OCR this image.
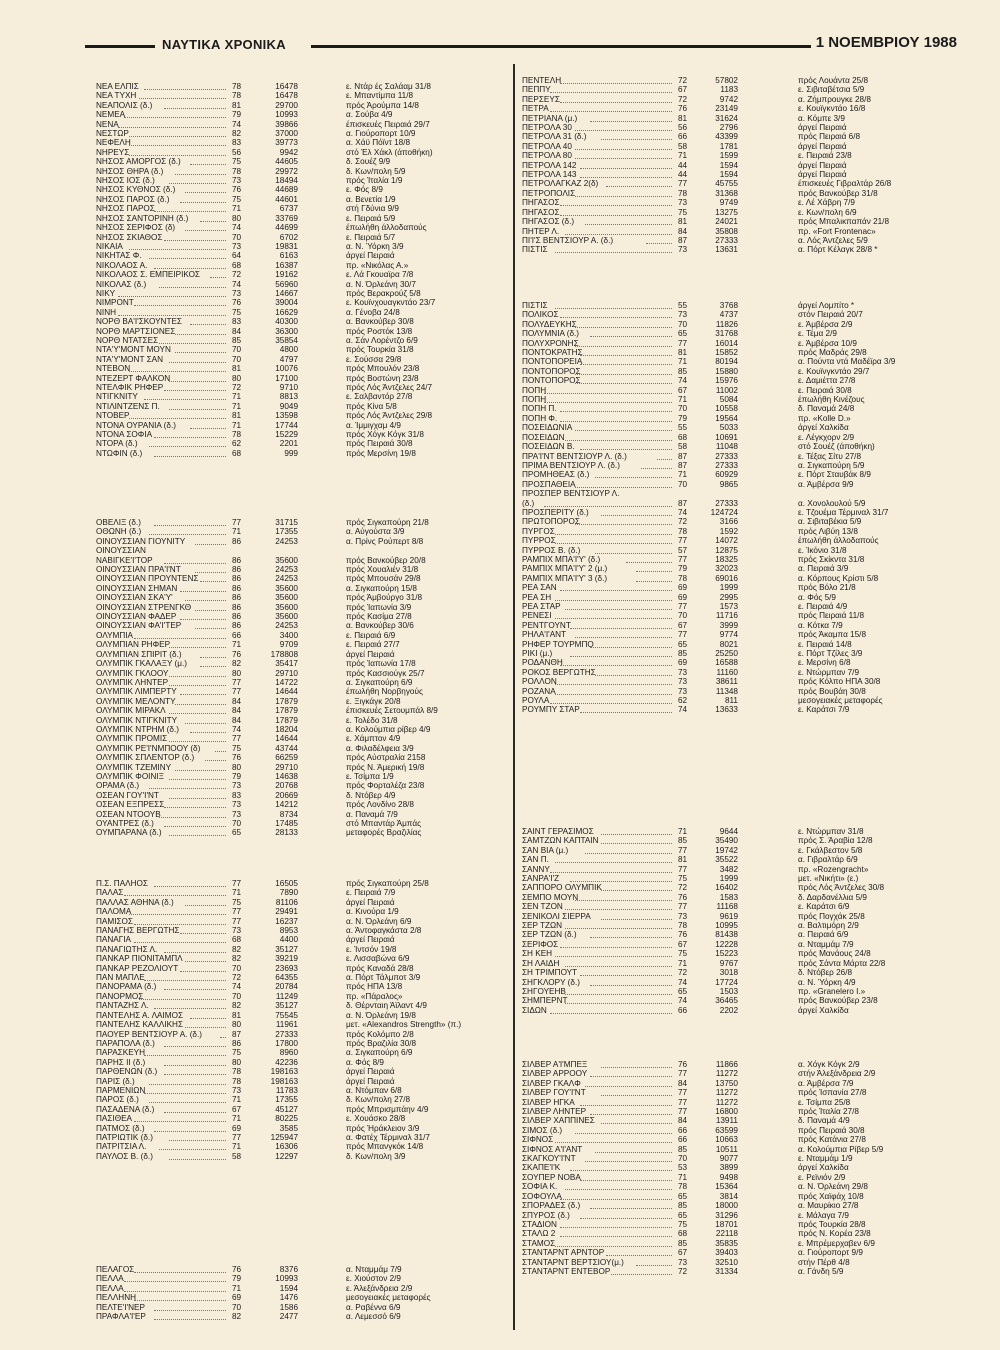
ΝΑΥΤΙΚΑ ΧΡΟΝΙΚΑ	1 ΝΟΕΜΒΡΙΟΥ 1988
ΝΕΑ ΕΛΠΙΣ	78	16478	ε. Ντάρ ές Σαλάαμ 31/8
ΝΕΑ ΤΥΧΗ	78	16478	ε. Μπαντίμπα 11/8
ΝΕΑΠΟΛΙΣ (δ.)	81	29700	πρός Άρούμπα 14/8
ΝΕΜΕΑ	79	10993	α. Σούβα 4/9
ΝΕΝΑ	74	39866	έπισκευές Πειραιά 29/7
ΝΕΣΤΩΡ	82	37000	α. Γιούροπορτ 10/9
ΝΕΦΕΛΗ	83	39773	α. Χάϋ Πόϊντ 18/8
ΝΗΡΕΥΣ	56	9942	στό Έλ Χάκλ (άποθήκη)
ΝΗΣΟΣ ΑΜΟΡΓΟΣ (δ.)	75	44605	δ. Σουέζ 9/9
ΝΗΣΟΣ ΘΗΡΑ (δ.)	78	29972	δ. Κων/πολη 5/9
ΝΗΣΟΣ ΙΟΣ (δ.)	73	18494	πρός Ίταλία 1/9
ΝΗΣΟΣ ΚΥΘΝΟΣ (δ.)	76	44689	ε. Φός 8/9
ΝΗΣΟΣ ΠΑΡΟΣ (δ.)	75	44601	α. Βενετία 1/9
ΝΗΣΟΣ ΠΑΡΟΣ	71	6737	στή Γδύνια 9/9
ΝΗΣΟΣ ΣΑΝΤΟΡΙΝΗ (δ.)	80	33769	ε. Πειραιά 5/9
ΝΗΣΟΣ ΣΕΡΙΦΟΣ (δ)	74	44699	έπωλήθη άλλοδαπούς
ΝΗΣΟΣ ΣΚΙΑΘΟΣ	70	6702	ε. Πειραιά 5/7
ΝΙΚΑΙΑ	73	19831	α. Ν. Ύόρκη 3/9
ΝΙΚΗΤΑΣ Φ.	64	6163	άργεί Πειραιά
ΝΙΚΟΛΑΟΣ Α.	68	16387	πρ. «Νικόλας Α.»
ΝΙΚΟΛΑΟΣ Σ. ΕΜΠΕΙΡΙΚΟΣ	72	19162	ε. Λά Γκουαϊρα 7/8
ΝΙΚΟΛΑΣ (δ.)	74	56960	α. Ν. Όρλεάνη 30/7
ΝΙΚΥ	73	14667	πρός Βερακρούζ 5/8
ΝΙΜΡΟΝΤ	76	39004	ε. Κουϊνχουαγκντάο 23/7
ΝΙΝΗ	75	16629	α. Γένοβα 24/8
ΝΟΡΘ ΒΑ'Ι'ΣΚΟΥΝΤΕΣ	83	40300	α. Βανκούβερ 30/8
ΝΟΡΘ ΜΑΡΤΣΙΟΝΕΣ	84	36300	πρός Ροστόκ 13/8
ΝΟΡΘ ΝΤΑΤΣΕΣ	85	35854	α. Σάν Λορέντζο 6/9
ΝΤΑ'Υ'ΜΟΝΤ ΜΟΥΝ	70	4800	πρός Τουρκία 31/8
ΝΤΑ'Υ'ΜΟΝΤ ΣΑΝ	70	4797	ε. Σούσσα 29/8
ΝΤΕΒΟΝ	81	10076	πρός Μπουλόν 23/8
ΝΤΕΖΕΡΤ ΦΑΛΚΟΝ	80	17100	πρός Βοστώνη 23/8
ΝΤΕΛΦΙΚ ΡΗΦΕΡ	72	9710	πρός Λός Άντζελες 24/7
ΝΤΙΓΚΝΙΤΥ	71	8813	ε. Σαλβαντόρ 27/8
ΝΤΙΛΙΝΤΖΕΝΣ Π.	71	9049	πρός Κίνα 5/8
ΝΤΟΒΕΡ	81	13598	πρός Λός Άντζελες 29/8
ΝΤΟΝΑ ΟΥΡΑΝΙΑ (δ.)	71	17744	α. Ίμμιγχαμ 4/9
ΝΤΟΝΑ ΣΟΦΙΑ	78	15229	πρός Χόγκ Κόγκ 31/8
ΝΤΟΡΑ (δ.)	62	2201	πρός Πειραιά 30/8
ΝΤΩΦΙΝ (δ.)	68	999	πρός Μερσίνη 19/8
ΟΒΕΛΙΞ (δ.)	77	31715	πρός Σιγκαπούρη 21/8
ΟΘΩΝΗ (δ.)	71	17355	α. Αύγούστα 3/9
ΟΙΝΟΥΣΣΙΑΝ ΓΙΟΥΝΙΤΥ	86	24253	α. Πρίνς Ρούπερτ 8/8
ΟΙΝΟΥΣΣΙΑΝ
ΝΑΒΙΓΚΕ'Ι'ΤΟΡ	86	35600	πρός Βανκούβερ 20/8
ΟΙΝΟΥΣΣΙΑΝ ΠΡΑ'Ι'ΝΤ	86	24253	πρός Χουαλιέν 31/8
ΟΙΝΟΥΣΣΙΑΝ ΠΡΟΥΝΤΕΝΣ	86	24253	πρός Μπουσάν 29/8
ΟΙΝΟΥΣΣΙΑΝ ΣΗΜΑΝ	86	35600	α. Σιγκαπούρη 15/8
ΟΙΝΟΥΣΣΙΑΝ ΣΚΑ'Υ'	86	35600	πρός Άμβούργο 31/8
ΟΙΝΟΥΣΣΙΑΝ ΣΤΡΕΝΓΚΘ	86	35600	πρός Ίαπωνία 3/9
ΟΙΝΟΥΣΣΙΑΝ ΦΑΔΕΡ	86	35600	πρός Κασίμα 27/8
ΟΙΝΟΥΣΣΙΑΝ ΦΑ'Ι'ΤΕΡ	86	24253	α. Βανκούβερ 30/6
ΟΛΥΜΠΙΑ	66	3400	ε. Πειραιά 6/9
ΟΛΥΜΠΙΑΝ ΡΗΦΕΡ	71	9709	ε. Πειραιά 27/7
ΟΛΥΜΠΙΑΝ ΣΠΙΡΙΤ (δ.)	76	178808	άργεί Πειραιά
ΟΛΥΜΠΙΚ ΓΚΑΛΑΞΥ (μ.)	82	35417	πρός Ίαπωνία 17/8
ΟΛΥΜΠΙΚ ΓΚΛΟΟΥ	80	29710	πρός Κασσιούγκ 25/7
ΟΛΥΜΠΙΚ ΛΗΝΤΕΡ	77	14722	α. Σιγκαπούρη 6/9
ΟΛΥΜΠΙΚ ΛΙΜΠΕΡΤΥ	77	14644	έπωλήθη Νορβηγούς
ΟΛΥΜΠΙΚ ΜΕΛΟΝΤΥ	84	17879	ε. Ξιγκάγκ 20/8
ΟΛΥΜΠΙΚ ΜΙΡΑΚΛ	84	17879	έπισκευές Σετουμπάλ 8/9
ΟΛΥΜΠΙΚ ΝΤΙΓΚΝΙΤΥ	84	17879	ε. Τολέδο 31/8
ΟΛΥΜΠΙΚ ΝΤΡΗΜ (δ.)	74	18204	α. Κολούμπια ρίβερ 4/9
ΟΛΥΜΠΙΚ ΠΡΟΜΙΣ	77	14644	ε. Χάμπτον 4/9
ΟΛΥΜΠΙΚ ΡΕ'Ι'ΝΜΠΟΟΥ (δ)	75	43744	α. Φιλαδέλφεια 3/9
ΟΛΥΜΠΙΚ ΣΠΛΕΝΤΟΡ (δ.)	76	66259	πρός Αύστραλία 2158
ΟΛΥΜΠΙΚ ΤΖΕΜΙΝΥ	80	29710	πρός Ν. Άμερική 19/8
ΟΛΥΜΠΙΚ ΦΟΙΝΙΞ	79	14638	ε. Τσίμπα 1/9
ΟΡΑΜΑ (δ.)	73	20768	πρός Φορταλέζα 23/8
ΟΣΕΑΝ ΓΟΥ'Ι'ΝΤ	83	20669	δ. Ντόβερ 4/9
ΟΣΕΑΝ ΕΞΠΡΕΣΣ	73	14212	πρός Λονδίνο 28/8
ΟΣΕΑΝ ΝΤΟΟΥΒ	73	8734	α. Παναμά 7/9
ΟΥΑΝΤΡΕΣ (δ.)	70	17485	στό Μπαντάρ Άμπάς
ΟΥΜΠΑΡΑΝΑ (δ.)	65	28133	μεταφορές Βραζιλίας
Π.Σ. ΠΑΛΗΟΣ	77	16505	πρός Σιγκαπούρη 25/8
ΠΑΛΑΣ	71	7890	ε. Πειραιά 7/9
ΠΑΛΛΑΣ ΑΘΗΝΑ (δ.)	75	81106	άργεί Πειραιά
ΠΑΛΟΜΑ	77	29491	α. Κινούρα 1/9
ΠΑΜΙΣΟΣ	77	16237	α. Ν. Όρλεάνη 6/9
ΠΑΝΑΓΗΣ ΒΕΡΓΩΤΗΣ	73	8953	α. Άντοφαγκάστα 2/8
ΠΑΝΑΓΙΑ	68	4400	άργεί Πειραιά
ΠΑΝΑΓΙΩΤΗΣ Λ.	82	35127	ε. Ίντσόν 19/8
ΠΑΝΚΑΡ ΠΙΟΝΙΤΑΜΠΛ	82	39219	ε. Λισσαβώνα 6/9
ΠΑΝΚΑΡ ΡΕΖΟΛΙΟΥΤ	70	23693	πρός Καναδά 28/8
ΠΑΝ ΜΑΠΛΕ	72	64355	α. Πόρτ Τάλμποτ 3/9
ΠΑΝΟΡΑΜΑ (δ.)	74	20784	πρός ΗΠΑ 13/8
ΠΑΝΟΡΜΟΣ	70	11249	πρ. «Πάραλος»
ΠΑΝΤΑΖΗΣ Λ.	82	35127	δ. Θέρνταιη Άϊλαντ 4/9
ΠΑΝΤΕΛΗΣ Α. ΛΑΙΜΟΣ	81	75545	α. Ν. Όρλεάνη 19/8
ΠΑΝΤΕΛΗΣ ΚΑΛΛΙΚΗΣ	80	11961	μετ. «Alexandros Strength» (π.)
ΠΑΟΥΕΡ ΒΕΝΤΣΙΟΥΡ Α. (δ.)	87	27333	πρός Κολόμπο 2/8
ΠΑΡΑΠΟΛΑ (δ.)	86	17800	πρός Βραζιλία 30/8
ΠΑΡΑΣΚΕΥΗ	75	8960	α. Σιγκαπούρη 6/9
ΠΑΡΗΣ ΙΙ (δ.)	80	42236	α. Φός 8/9
ΠΑΡΘΕΝΩΝ (δ.)	78	198163	άργεί Πειραιά
ΠΑΡΙΣ (δ.)	78	198163	άργεί Πειραιά
ΠΑΡΜΕΝΙΩΝ	73	11783	α. Ντόμπαν 6/8
ΠΑΡΟΣ (δ.)	71	17355	δ. Κων/πολη 27/8
ΠΑΣΑΔΕΝΑ (δ.)	67	45127	πρός Μπρισμπάην 4/9
ΠΑΣΙΘΕΑ	71	80225	ε. Χουάσκο 28/8
ΠΑΤΜΟΣ (δ.)	69	3585	πρός Ήράκλειον 3/9
ΠΑΤΡΙΩΤΙΚ (δ.)	77	125947	α. Φατέχ Τέρμιναλ 31/7
ΠΑΤΡΙΤΣΙΑ Λ.	71	16306	πρός Μπανγκόκ 14/8
ΠΑΥΛΟΣ Β. (δ.)	58	12297	δ. Κων/πολη 3/9
ΠΕΛΑΓΟΣ	76	8376	α. Νταμμάμ 7/9
ΠΕΛΛΑ	79	10993	ε. Χιούστον 2/9
ΠΕΛΛΑ	71	1594	ε. Άλεξάνδρεια 2/9
ΠΕΛΛΗΝΗ	69	1476	μεσογειακές μεταφορές
ΠΕΛΤΕ'Ι'ΝΕΡ	70	1586	α. Ραβέννα 6/9
ΠΡΑΦΛΑ'Ι'ΕΡ	82	2477	α. Λεμεσσό 6/9
ΠΕΝΤΕΛΗ	72	57802	πρός Λουάντα 25/8
ΠΕΠΠΥ	67	1183	ε. Σιβιταβέτσια 5/9
ΠΕΡΣΕΥΣ	72	9742	α. Ζήμπρουγκε 28/8
ΠΕΤΡΑ	76	23149	ε. Κουϊγκντάο 16/8
ΠΕΤΡΙΑΝΑ (μ.)	81	31624	α. Κόμπε 3/9
ΠΕΤΡΟΛΑ 30	56	2796	άργεί Πειραιά
ΠΕΤΡΟΛΑ 31 (δ.)	66	43399	πρός Πειραιά 6/8
ΠΕΤΡΟΛΑ 40	58	1781	άργεί Πειραιά
ΠΕΤΡΟΛΑ 80	71	1599	ε. Πειραιά 23/8
ΠΕΤΡΟΛΑ 142	44	1594	άργεί Πειραιά
ΠΕΤΡΟΛΑ 143	44	1594	άργεί Πειραιά
ΠΕΤΡΟΛΑΓΚΑΖ 2(δ)	77	45755	έπισκευές Γιβραλτάρ 26/8
ΠΕΤΡΟΠΟΛΙΣ	78	31368	πρός Βανκούβερ 31/8
ΠΗΓΑΣΟΣ	73	9749	ε. Λέ Χάβρη 7/9
ΠΗΓΑΣΟΣ	75	13275	ε. Κων/πολη 6/9
ΠΗΓΑΣΟΣ (δ.)	81	24021	πρός Μπαλικπαπάν 21/8
ΠΗΤΕΡ Λ.	84	35808	πρ. «Fort Frontenac»
ΠΙ'Ι'Σ ΒΕΝΤΣΙΟΥΡ Α. (δ.)	87	27333	α. Λός Άντζελες 5/9
ΠΙΣΤΙΣ	73	13631	α. Πόρτ Κέλαγκ 28/8 *
ΠΙΣΤΙΣ	55	3768	άργεί Λομπίτο *
ΠΟΛΙΚΟΣ	73	4737	στόν Πειραιά 20/7
ΠΟΛΥΔΕΥΚΗΣ	70	11826	ε. Άμβέρσα 2/9
ΠΟΛΥΜΝΙΑ (δ.)	65	31768	ε. Τέμα 2/9
ΠΟΛΥΧΡΟΝΗΣ	77	16014	ε. Άμβέρσα 10/9
ΠΟΝΤΟΚΡΑΤΗΣ	81	15852	πρός Μαδράς 29/8
ΠΟΝΤΟΠΟΡΕΙΑ	71	80194	α. Πούντα ντά Μαδέϊρα 3/9
ΠΟΝΤΟΠΟΡΟΣ	85	15880	ε. Κουϊνγκντάο 29/7
ΠΟΝΤΟΠΟΡΟΣ	74	15976	ε. Δαμιέττα 27/8
ΠΟΠΗ	67	11002	ε. Πειραιά 30/8
ΠΟΠΗ	71	5084	έπωλήθη Κινέζους
ΠΟΠΗ Π.	70	10558	δ. Παναμά 24/8
ΠΟΠΗ Φ.	79	19564	πρ. «Kolle D.»
ΠΟΣΕΙΔΩΝΙΑ	55	5033	άργεί Χαλκίδα
ΠΟΣΕΙΔΩΝ	68	10691	ε. Λέγκχορν 2/9
ΠΟΣΕΙΔΩΝ Β.	58	11048	στό Σουέζ (άποθήκη)
ΠΡΑ'Ι'ΝΤ ΒΕΝΤΣΙΟΥΡ Λ. (δ.)	87	27333	ε. Τέξας Σίτυ 27/8
ΠΡΙΜΑ ΒΕΝΤΣΙΟΥΡ Λ. (δ.)	87	27333	α. Σιγκαπούρη 5/9
ΠΡΟΜΗΘΕΑΣ (δ.)	71	60929	ε. Πόρτ Σταυβάκ 8/9
ΠΡΟΣΠΑΘΕΙΑ	70	9865	α. Άμβέρσα 9/9
ΠΡΟΣΠΕΡ ΒΕΝΤΣΙΟΥΡ Λ.
(δ.)	87	27333	α. Χονολουλού 5/9
ΠΡΟΣΠΕΡΙΤΥ (δ.)	74	124724	ε. Τζουέμα Τέρμιναλ 31/7
ΠΡΩΤΟΠΟΡΟΣ	72	3166	α. Σιβιταβέκια 5/9
ΠΥΡΓΟΣ	78	1592	πρός Λιβύη 13/8
ΠΥΡΡΟΣ	77	14072	έπωλήθη άλλοδαπούς
ΠΥΡΡΟΣ Β. (δ.)	57	12875	ε. Ίκόνιο 31/8
ΡΑΜΠΙΧ ΜΠΑ'Ι'Υ' (δ.)	77	18325	πρός Σκίκντα 31/8
ΡΑΜΠΙΧ ΜΠΑ'Ι'Υ' 2 (μ.)	79	32023	α. Πειραιά 3/9
ΡΑΜΠΙΧ ΜΠΑ'Ι'Υ' 3 (δ.)	78	69016	α. Κόρπους Κρίστι 5/8
ΡΕΑ ΣΑΝ	69	1999	πρός Βόλο 21/8
ΡΕΑ ΣΗ	69	2995	α. Φός 5/9
ΡΕΑ ΣΤΑΡ	77	1573	ε. Πειραιά 4/9
ΡΕΝΕΣΙ	70	11716	πρός Πειραιά 11/8
ΡΕΝΤΓΟΥΝΤ	67	3999	α. Κότκα 7/9
ΡΗΛΑ'Ι'ΑΝΤ	77	9774	πρός Άκαμπα 15/8
ΡΗΦΕΡ ΤΟΥΡΜΠΟ	65	8021	ε. Πειραιά 14/8
ΡΙΚΙ (μ.)	85	25250	ε. Πόρτ Τζίλες 3/9
ΡΟΔΑΝΘΗ	69	16588	ε. Μερσίνη 6/8
ΡΟΚΟΣ ΒΕΡΓΩΤΗΣ	73	11160	ε. Ντώρμπαν 7/9
ΡΟΛΛΟΝ	73	38611	πρός Κόλπο ΗΠΑ 30/8
ΡΟΖΑΝΑ	73	11348	πρός Βουβάη 30/8
ΡΟΥΛΑ	62	811	μεσογειακές μεταφορές
ΡΟΥΜΠΥ ΣΤΑΡ	74	13633	ε. Καράτσι 7/9
ΣΑΙΝΤ ΓΕΡΑΣΙΜΟΣ	71	9644	ε. Ντώρμπαν 31/8
ΣΑΜΤΖΩΝ ΚΑΠΤΑΙΝ	85	35490	πρός Σ. Άραβία 12/8
ΣΑΝ ΒΙΑ (μ.)	77	19742	ε. Γκάλβεστον 5/8
ΣΑΝ Π.	81	35522	α. Γιβραλτάρ 6/9
ΣΑΝΝΥ	77	3482	πρ. «Rozengracht»
ΣΑΝΡΑ'Ι'Ζ	75	1999	μετ. «Νικήτι» (ε.)
ΣΑΠΠΟΡΟ ΟΛΥΜΠΙΚ	72	16402	πρός Λός Άντζελες 30/8
ΣΕΜΠΟ ΜΟΥΝ	76	1583	δ. Δαρδανέλλια 5/9
ΣΕΝ ΤΖΟΝ	77	11168	ε. Καράτσι 6/9
ΣΕΝΙΚΟΛΙ ΣΙΕΡΡΑ	73	9619	πρός Πογχάκ 25/8
ΣΕΡ ΤΖΩΝ	78	10995	α. Βαλτιμόρη 2/9
ΣΕΡ ΤΖΩΝ (δ.)	76	81438	α. Πειραιά 6/9
ΣΕΡΙΦΟΣ	67	12228	α. Νταμμάμ 7/9
ΣΗ ΚΕΗ	75	15223	πρός Μανάους 24/8
ΣΗ ΛΑΙΔΗ	71	9767	πρός Σάντα Μάρτα 22/8
ΣΗ ΤΡΙΜΠΟΥΤ	72	3018	δ. Ντόβερ 26/8
ΣΗΓΚΛΟΡΥ (δ.)	74	17724	α. Ν. Ύόρκη 4/9
ΣΗΓΟΥΕΗΒ	65	1503	πρ. «Granelero I.»
ΣΗΜΠΕΡΝΤ	74	36465	πρός Βανκούβερ 23/8
ΣΙΔΩΝ	66	2202	άργεί Χαλκίδα
ΣΙΛΒΕΡ Α'Ι'ΜΠΕΞ	76	11866	α. Χόγκ Κόγκ 2/9
ΣΙΛΒΕΡ ΑΡΡΟΟΥ	77	11272	στήν Άλεξάνδρεια 2/9
ΣΙΛΒΕΡ ΓΚΑΛΦ	84	13750	α. Άμβέρσα 7/9
ΣΙΛΒΕΡ ΓΟΥ'Ι'ΝΤ	77	11272	πρός Ίσπανία 27/8
ΣΙΛΒΕΡ ΗΓΚΑ	77	11272	ε. Τσίμπα 25/8
ΣΙΛΒΕΡ ΛΗΝΤΕΡ	77	16800	πρός Ίταλία 27/8
ΣΙΛΒΕΡ ΧΑΠΠΙΝΕΣ	84	13911	δ. Παναμά 4/9
ΣΙΜΟΣ (δ.)	66	63599	πρός Πειραιά 30/8
ΣΙΦΝΟΣ	66	10663	πρός Κατάνια 27/8
ΣΙΦΝΟΣ Α'Ι'ΑΝΤ	85	10511	α. Κολούμπια Ρίβερ 5/9
ΣΚΑΓΚΟΥ'Ι'ΝΤ	70	9077	ε. Νταμμάμ 1/9
ΣΚΑΠΕ'Ι'Κ	53	3899	άργεί Χαλκίδα
ΣΟΥΠΕΡ ΝΟΒΑ	71	9498	ε. Ρεϊνιόν 2/9
ΣΟΦΙΑ Κ.	78	15364	α. Ν. Όρλεάνη 29/8
ΣΟΦΟΥΛΑ	65	3814	πρός Χαϊφάχ 10/8
ΣΠΟΡΑΔΕΣ (δ.)	85	18000	α. Μαυρίκιο 27/8
ΣΠΥΡΟΣ (δ.)	65	31296	ε. Μάλαγα 7/9
ΣΤΑΔΙΟΝ	75	18701	πρός Τουρκία 28/8
ΣΤΑΛΩ 2	68	22118	πρός Ν. Κορέα 23/8
ΣΤΑΜΟΣ	85	35835	ε. Μπρέμερχαβεν 6/9
ΣΤΑΝΤΑΡΝΤ ΑΡΝΤΟΡ	67	39403	α. Γιούροπορτ 9/9
ΣΤΑΝΤΑΡΝΤ ΒΕΡΤΣΙΟΥ(μ.)	73	32510	στήν Πέρθ 4/8
ΣΤΑΝΤΑΡΝΤ ΕΝΤΕΒΟΡ	72	31334	α. Γάνδη 5/9
